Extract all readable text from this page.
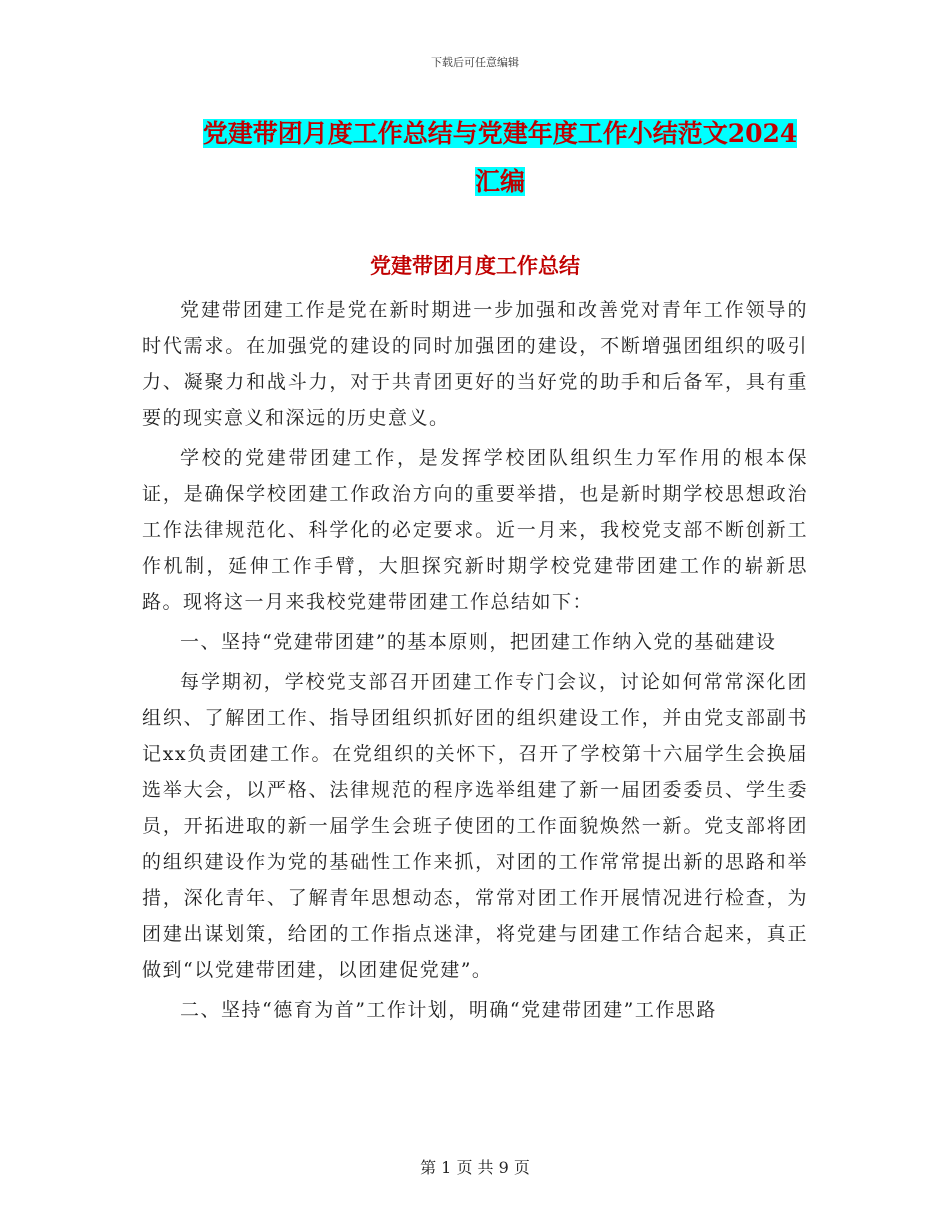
下载后可任意编辑
党建带团月度工作总结与党建年度工作小结范文2024
汇编
党建带团月度工作总结

党建带团建工作是党在新时期进一步加强和改善党对青年工作领导的时代需求。在加强党的建设的同时加强团的建设，不断增强团组织的吸引力、凝聚力和战斗力，对于共青团更好的当好党的助手和后备军，具有重要的现实意义和深远的历史意义。

学校的党建带团建工作，是发挥学校团队组织生力军作用的根本保证，是确保学校团建工作政治方向的重要举措，也是新时期学校思想政治工作法律规范化、科学化的必定要求。近一月来，我校党支部不断创新工作机制，延伸工作手臂，大胆探究新时期学校党建带团建工作的崭新思路。现将这一月来我校党建带团建工作总结如下：

一、坚持“党建带团建”的基本原则，把团建工作纳入党的基础建设

每学期初，学校党支部召开团建工作专门会议，讨论如何常常深化团组织、了解团工作、指导团组织抓好团的组织建设工作，并由党支部副书记xx负责团建工作。在党组织的关怀下，召开了学校第十六届学生会换届选举大会，以严格、法律规范的程序选举组建了新一届团委委员、学生委员，开拓进取的新一届学生会班子使团的工作面貌焕然一新。党支部将团的组织建设作为党的基础性工作来抓，对团的工作常常提出新的思路和举措，深化青年、了解青年思想动态，常常对团工作开展情况进行检查，为团建出谋划策，给团的工作指点迷津，将党建与团建工作结合起来，真正做到“以党建带团建，以团建促党建”。

二、坚持“德育为首”工作计划，明确“党建带团建”工作思路

第 1 页 共 9 页
